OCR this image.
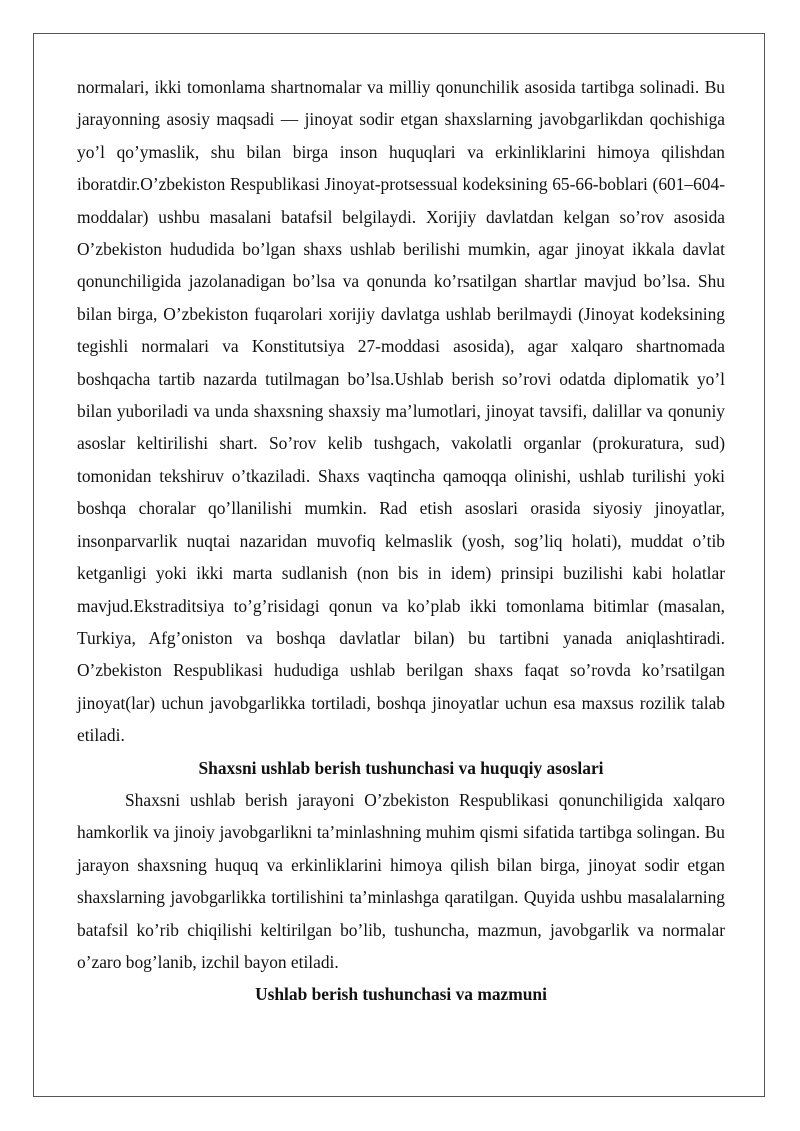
normalari, ikki tomonlama shartnomalar va milliy qonunchilik asosida tartibga solinadi. Bu jarayonning asosiy maqsadi — jinoyat sodir etgan shaxslarning javobgarlikdan qochishiga yo’l qo’ymaslik, shu bilan birga inson huquqlari va erkinliklarini himoya qilishdan iboratdir.O’zbekiston Respublikasi Jinoyat-protsessual kodeksining 65-66-boblari (601–604-moddalar) ushbu masalani batafsil belgilaydi. Xorijiy davlatdan kelgan so’rov asosida O’zbekiston hududida bo’lgan shaxs ushlab berilishi mumkin, agar jinoyat ikkala davlat qonunchiligida jazolanadigan bo’lsa va qonunda ko’rsatilgan shartlar mavjud bo’lsa. Shu bilan birga, O’zbekiston fuqarolari xorijiy davlatga ushlab berilmaydi (Jinoyat kodeksining tegishli normalari va Konstitutsiya 27-moddasi asosida), agar xalqaro shartnomada boshqacha tartib nazarda tutilmagan bo’lsa.Ushlab berish so’rovi odatda diplomatik yo’l bilan yuboriladi va unda shaxsning shaxsiy ma’lumotlari, jinoyat tavsifi, dalillar va qonuniy asoslar keltirilishi shart. So’rov kelib tushgach, vakolatli organlar (prokuratura, sud) tomonidan tekshiruv o’tkaziladi. Shaxs vaqtincha qamoqqa olinishi, ushlab turilishi yoki boshqa choralar qo’llanilishi mumkin. Rad etish asoslari orasida siyosiy jinoyatlar, insonparvarlik nuqtai nazaridan muvofiq kelmaslik (yosh, sog’liq holati), muddat o’tib ketganligi yoki ikki marta sudlanish (non bis in idem) prinsipi buzilishi kabi holatlar mavjud.Ekstraditsiya to’g’risidagi qonun va ko’plab ikki tomonlama bitimlar (masalan, Turkiya, Afg’oniston va boshqa davlatlar bilan) bu tartibni yanada aniqlashtiradi. O’zbekiston Respublikasi hududiga ushlab berilgan shaxs faqat so’rovda ko’rsatilgan jinoyat(lar) uchun javobgarlikka tortiladi, boshqa jinoyatlar uchun esa maxsus rozilik talab etiladi.

Shaxsni ushlab berish tushunchasi va huquqiy asoslari

Shaxsni ushlab berish jarayoni O’zbekiston Respublikasi qonunchiligida xalqaro hamkorlik va jinoiy javobgarlikni ta’minlashning muhim qismi sifatida tartibga solingan. Bu jarayon shaxsning huquq va erkinliklarini himoya qilish bilan birga, jinoyat sodir etgan shaxslarning javobgarlikka tortilishini ta’minlashga qaratilgan. Quyida ushbu masalalarning batafsil ko’rib chiqilishi keltirilgan bo’lib, tushuncha, mazmun, javobgarlik va normalar o’zaro bog’lanib, izchil bayon etiladi.

Ushlab berish tushunchasi va mazmuni
